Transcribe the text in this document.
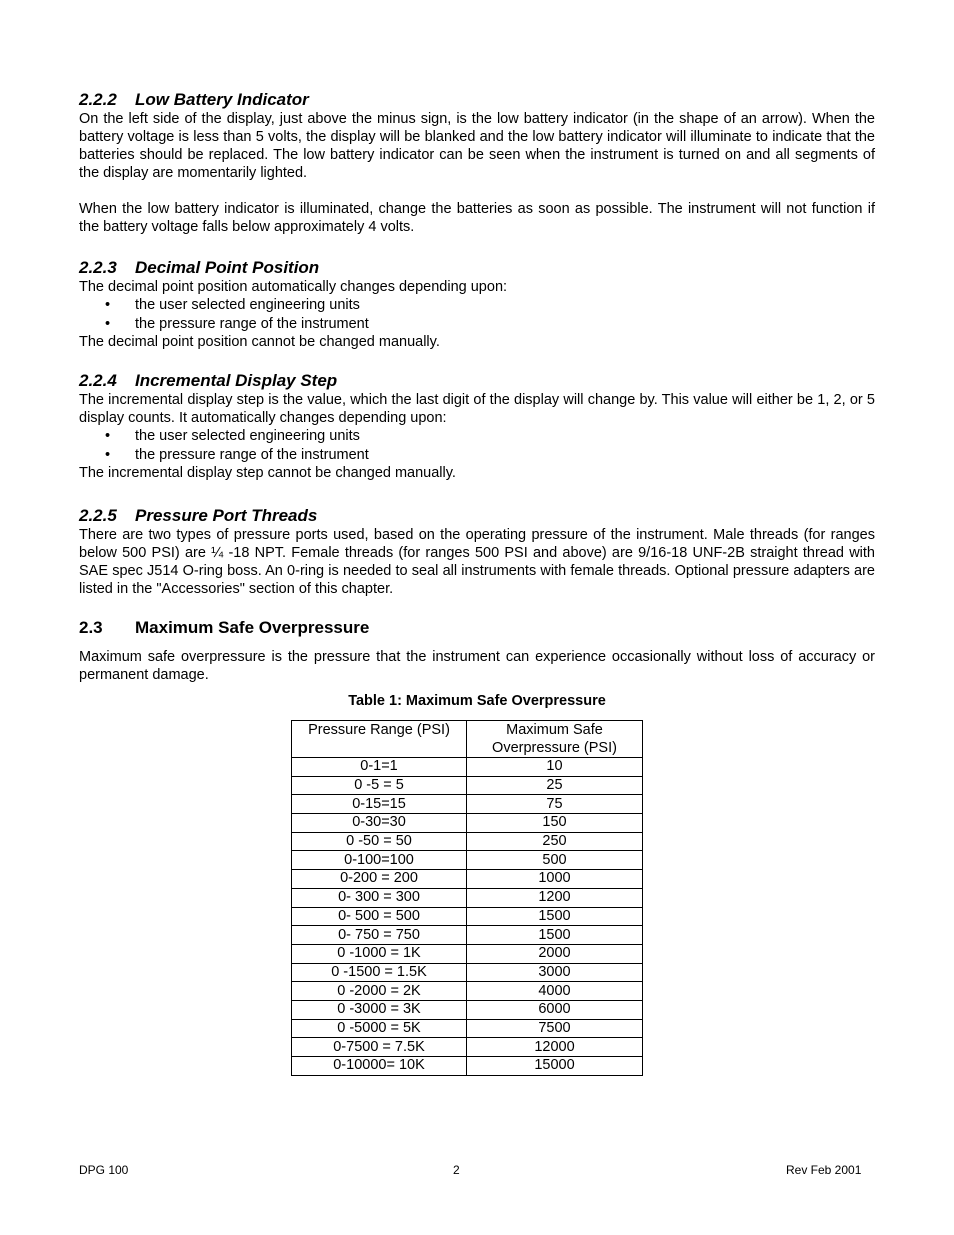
2.2.2 Low Battery Indicator

On the left side of the display, just above the minus sign, is the low battery indicator (in the shape of an arrow). When the battery voltage is less than 5 volts, the display will be blanked and the low battery indicator will illuminate to indicate that the batteries should be replaced. The low battery indicator can be seen when the instrument is turned on and all segments of the display are momentarily lighted.

When the low battery indicator is illuminated, change the batteries as soon as possible. The instrument will not function if the battery voltage falls below approximately 4 volts.

2.2.3 Decimal Point Position

The decimal point position automatically changes depending upon:

• the user selected engineering units
• the pressure range of the instrument

The decimal point position cannot be changed manually.

2.2.4 Incremental Display Step

The incremental display step is the value, which the last digit of the display will change by. This value will either be 1, 2, or 5 display counts. It automatically changes depending upon:

• the user selected engineering units
• the pressure range of the instrument

The incremental display step cannot be changed manually.

2.2.5 Pressure Port Threads

There are two types of pressure ports used, based on the operating pressure of the instrument. Male threads (for ranges below 500 PSI) are ¼ -18 NPT. Female threads (for ranges 500 PSI and above) are 9/16-18 UNF-2B straight thread with SAE spec J514 O-ring boss. An 0-ring is needed to seal all instruments with female threads. Optional pressure adapters are listed in the "Accessories" section of this chapter.

2.3 Maximum Safe Overpressure

Maximum safe overpressure is the pressure that the instrument can experience occasionally without loss of accuracy or permanent damage.

Table 1: Maximum Safe Overpressure
Pressure Range (PSI)	Maximum Safe Overpressure (PSI)
0-1=1	10
0 -5 = 5	25
0-15=15	75
0-30=30	150
0 -50 = 50	250
0-100=100	500
0-200 = 200	1000
0- 300 = 300	1200
0- 500 = 500	1500
0- 750 = 750	1500
0 -1000 = 1K	2000
0 -1500 = 1.5K	3000
0 -2000 = 2K	4000
0 -3000 = 3K	6000
0 -5000 = 5K	7500
0-7500 = 7.5K	12000
0-10000= 10K	15000
DPG 100	2	Rev Feb 2001
